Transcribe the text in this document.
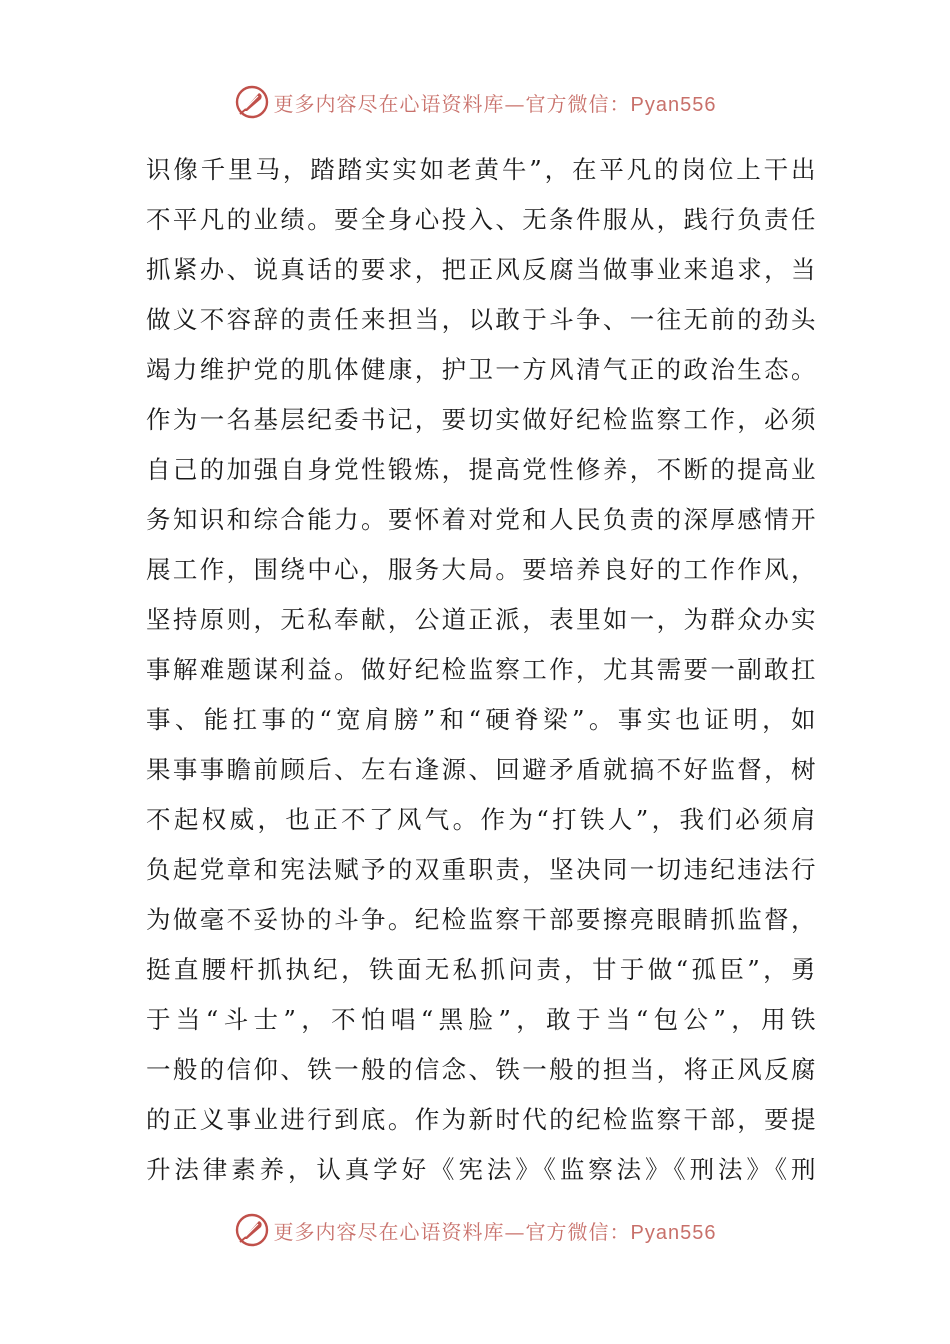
更多内容尽在心语资料库—官方微信：Pyan556
识像千里马，踏踏实实如老黄牛”，在平凡的岗位上干出
不平凡的业绩。要全身心投入、无条件服从，践行负责任
抓紧办、说真话的要求，把正风反腐当做事业来追求，当
做义不容辞的责任来担当，以敢于斗争、一往无前的劲头
竭力维护党的肌体健康，护卫一方风清气正的政治生态。
作为一名基层纪委书记，要切实做好纪检监察工作，必须
自己的加强自身党性锻炼，提高党性修养，不断的提高业
务知识和综合能力。要怀着对党和人民负责的深厚感情开
展工作，围绕中心，服务大局。要培养良好的工作作风，
坚持原则，无私奉献，公道正派，表里如一，为群众办实
事解难题谋利益。做好纪检监察工作，尤其需要一副敢扛
事、能扛事的“宽肩膀”和“硬脊梁”。事实也证明，如
果事事瞻前顾后、左右逢源、回避矛盾就搞不好监督，树
不起权威，也正不了风气。作为“打铁人”，我们必须肩
负起党章和宪法赋予的双重职责，坚决同一切违纪违法行
为做毫不妥协的斗争。纪检监察干部要擦亮眼睛抓监督，
挺直腰杆抓执纪，铁面无私抓问责，甘于做“孤臣”，勇
于当“斗士”，不怕唱“黑脸”，敢于当“包公”，用铁
一般的信仰、铁一般的信念、铁一般的担当，将正风反腐
的正义事业进行到底。作为新时代的纪检监察干部，要提
升法律素养，认真学好《宪法》《监察法》《刑法》《刑
更多内容尽在心语资料库—官方微信：Pyan556
